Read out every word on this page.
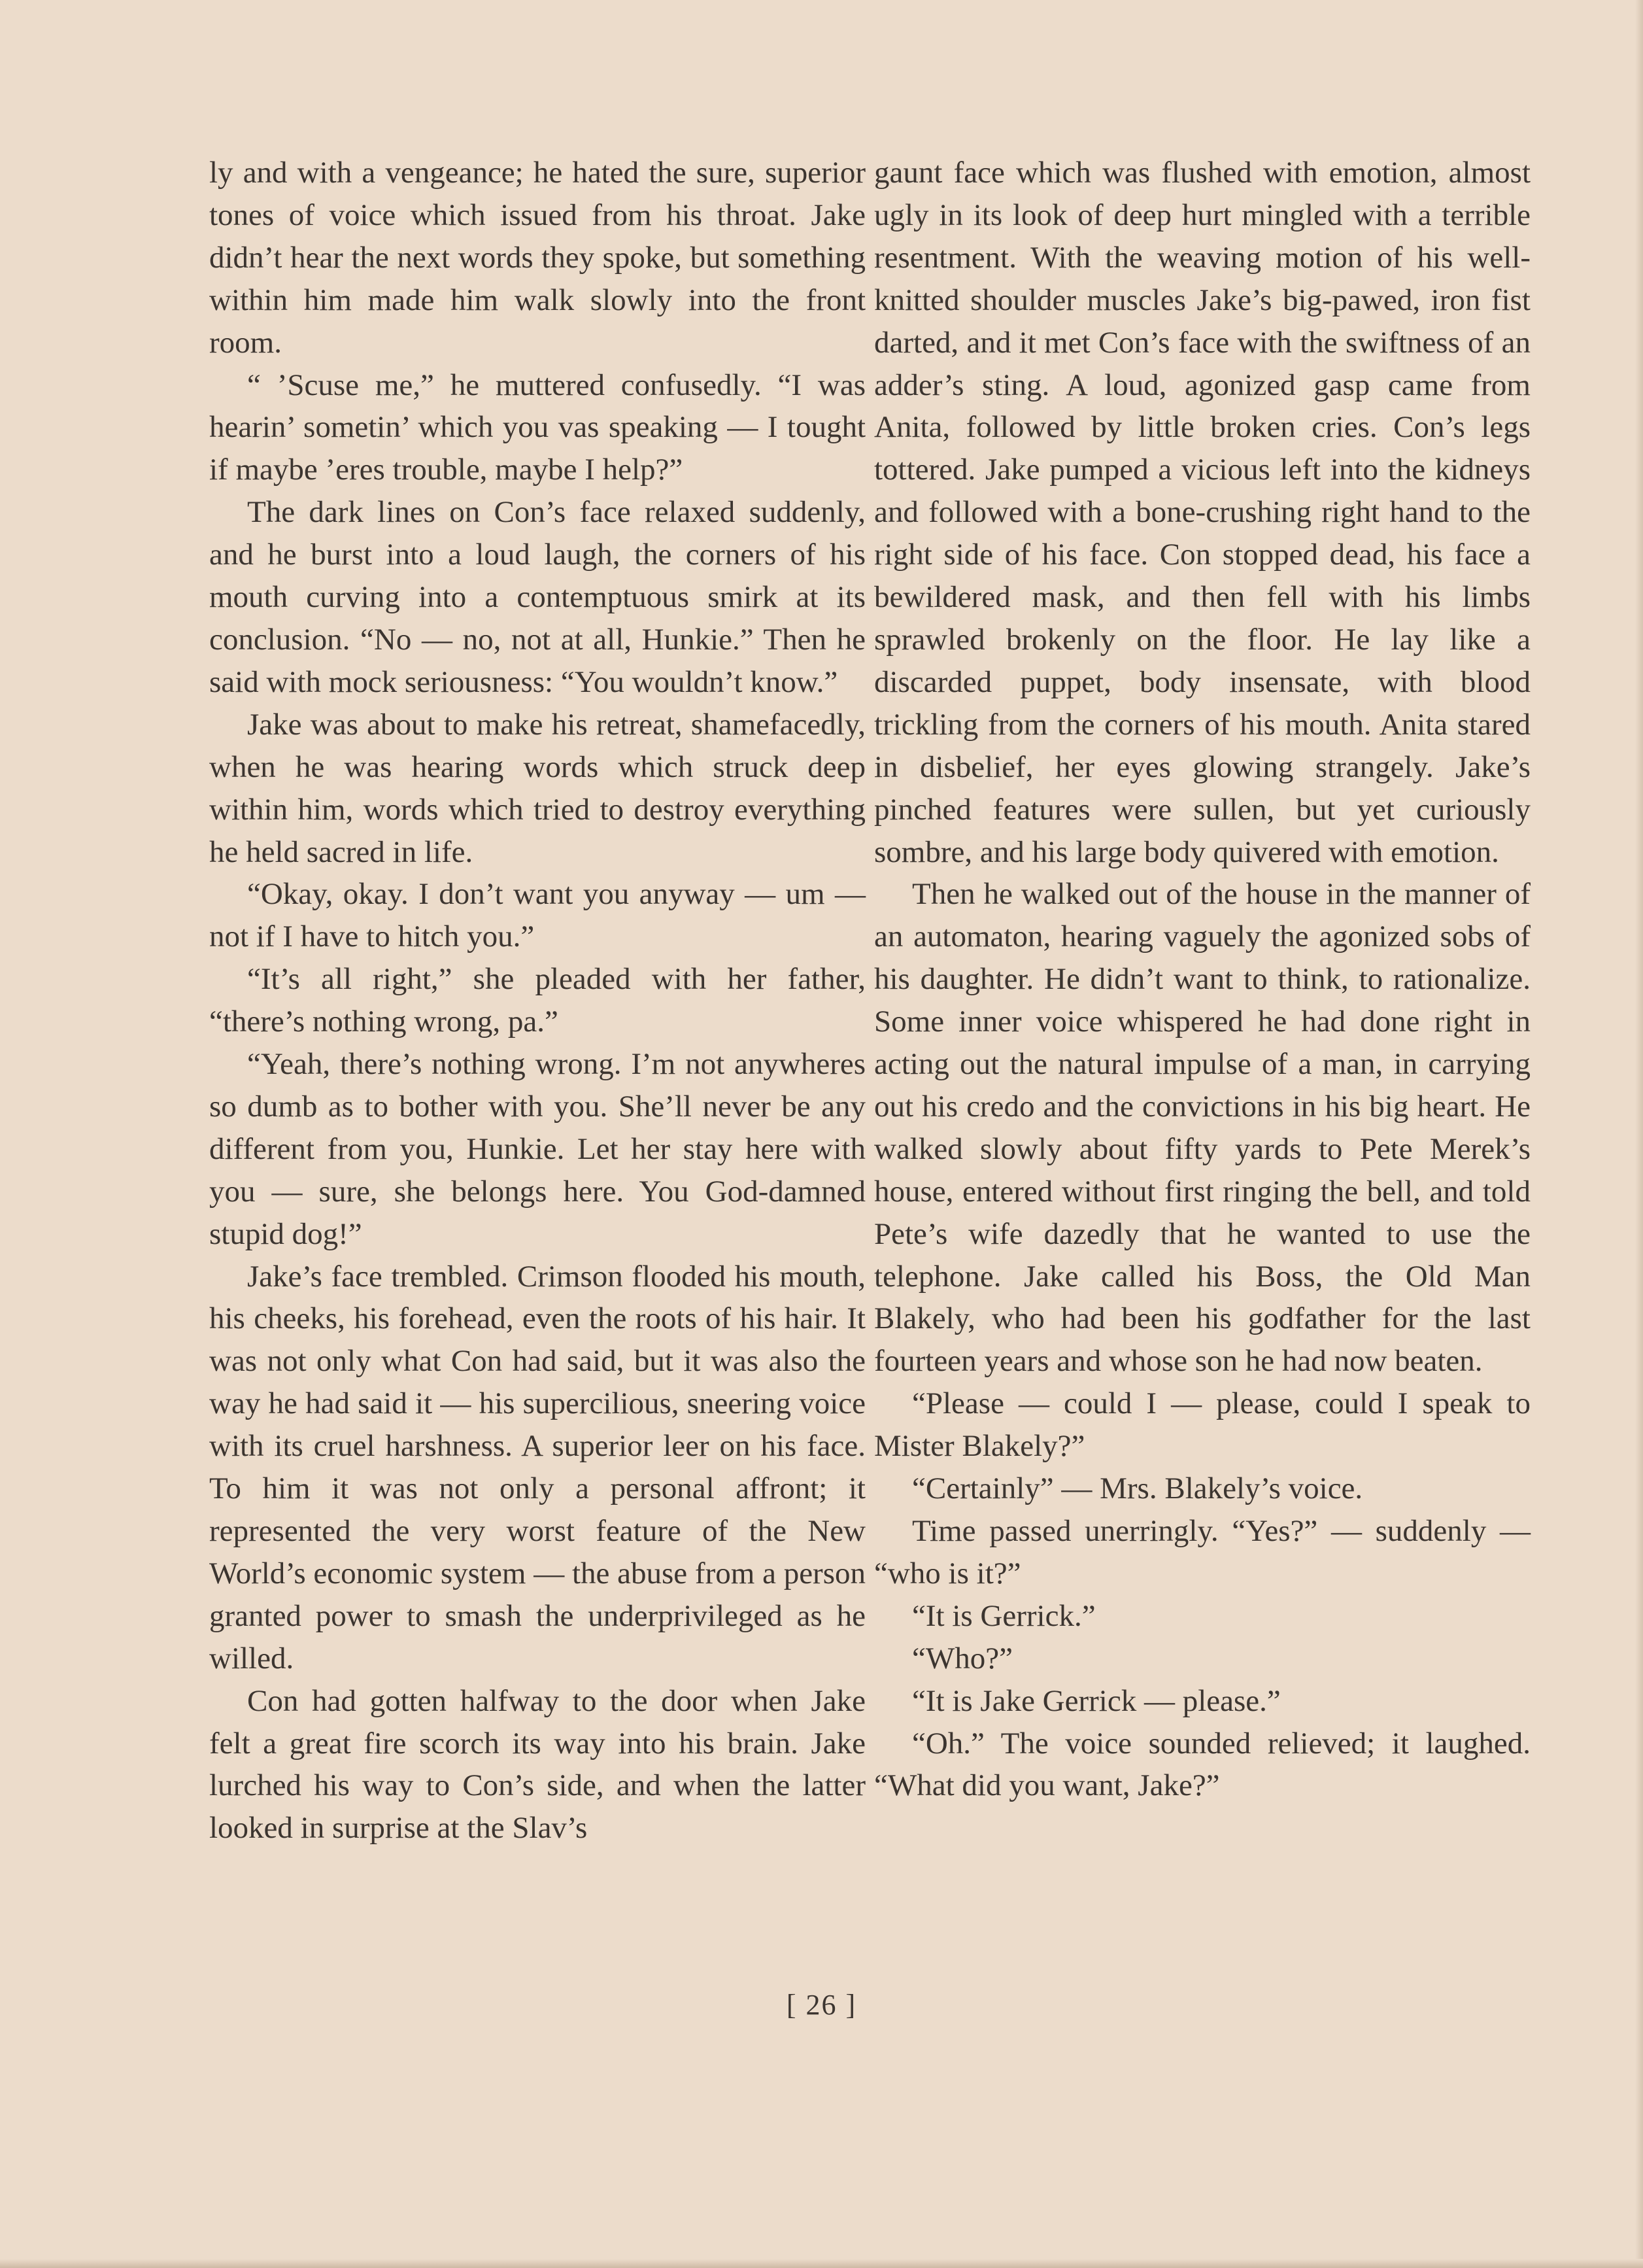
ly and with a vengeance; he hated the sure, superior tones of voice which issued from his throat. Jake didn’t hear the next words they spoke, but something within him made him walk slowly into the front room.

“ ’Scuse me,” he muttered confusedly. “I was hearin’ sometin’ which you vas speaking — I tought if maybe ’eres trouble, maybe I help?”

The dark lines on Con’s face relaxed suddenly, and he burst into a loud laugh, the corners of his mouth curving into a contemptuous smirk at its conclusion. “No — no, not at all, Hunkie.” Then he said with mock seriousness: “You wouldn’t know.”

Jake was about to make his retreat, shamefacedly, when he was hearing words which struck deep within him, words which tried to destroy everything he held sacred in life.

“Okay, okay. I don’t want you anyway — um — not if I have to hitch you.”

“It’s all right,” she pleaded with her father, “there’s nothing wrong, pa.”

“Yeah, there’s nothing wrong. I’m not anywheres so dumb as to bother with you. She’ll never be any different from you, Hunkie. Let her stay here with you — sure, she belongs here. You God-damned stupid dog!”

Jake’s face trembled. Crimson flooded his mouth, his cheeks, his forehead, even the roots of his hair. It was not only what Con had said, but it was also the way he had said it — his supercilious, sneering voice with its cruel harshness. A superior leer on his face. To him it was not only a personal affront; it represented the very worst feature of the New World’s economic system — the abuse from a person granted power to smash the underprivileged as he willed.

Con had gotten halfway to the door when Jake felt a great fire scorch its way into his brain. Jake lurched his way to Con’s side, and when the latter looked in surprise at the Slav’s

gaunt face which was flushed with emotion, almost ugly in its look of deep hurt mingled with a terrible resentment. With the weaving motion of his well-knitted shoulder muscles Jake’s big-pawed, iron fist darted, and it met Con’s face with the swiftness of an adder’s sting. A loud, agonized gasp came from Anita, followed by little broken cries. Con’s legs tottered. Jake pumped a vicious left into the kidneys and followed with a bone-crushing right hand to the right side of his face. Con stopped dead, his face a bewildered mask, and then fell with his limbs sprawled brokenly on the floor. He lay like a discarded puppet, body insensate, with blood trickling from the corners of his mouth. Anita stared in disbelief, her eyes glowing strangely. Jake’s pinched features were sullen, but yet curiously sombre, and his large body quivered with emotion.

Then he walked out of the house in the manner of an automaton, hearing vaguely the agonized sobs of his daughter. He didn’t want to think, to rationalize. Some inner voice whispered he had done right in acting out the natural impulse of a man, in carrying out his credo and the convictions in his big heart. He walked slowly about fifty yards to Pete Merek’s house, entered without first ringing the bell, and told Pete’s wife dazedly that he wanted to use the telephone. Jake called his Boss, the Old Man Blakely, who had been his godfather for the last fourteen years and whose son he had now beaten.

“Please — could I — please, could I speak to Mister Blakely?”

“Certainly” — Mrs. Blakely’s voice.

Time passed unerringly. “Yes?” — suddenly — “who is it?”

“It is Gerrick.”

“Who?”

“It is Jake Gerrick — please.”

“Oh.” The voice sounded relieved; it laughed. “What did you want, Jake?”

[ 26 ]
